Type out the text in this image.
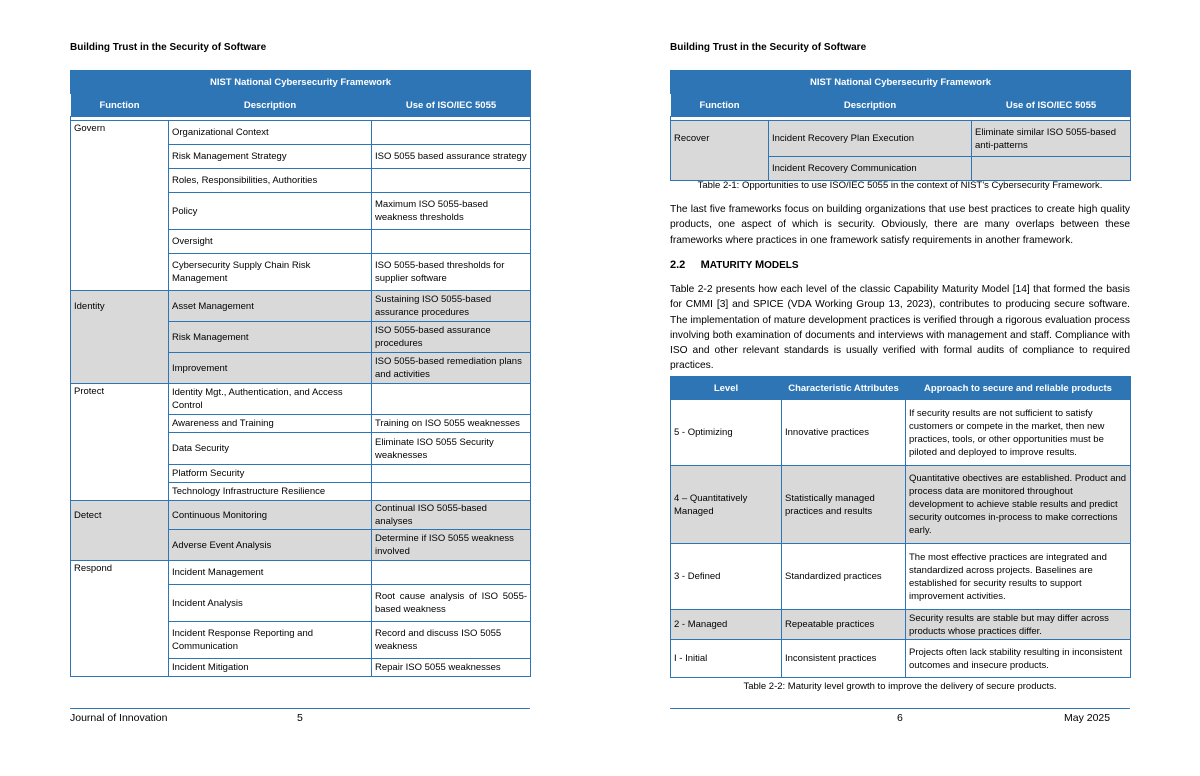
Building Trust in the Security of Software
NIST National Cybersecurity Framework		
Function	Description	Use of ISO/IEC 5055

Govern	Organizational Context	
	Risk Management Strategy	ISO 5055 based assurance strategy
	Roles, Responsibilities, Authorities	
	Policy	Maximum ISO 5055-based weakness thresholds
	Oversight	
	Cybersecurity Supply Chain Risk Management	ISO 5055-based thresholds for supplier software
Identity	Asset Management	Sustaining ISO 5055-based assurance procedures
	Risk Management	ISO 5055-based assurance procedures
	Improvement	ISO 5055-based remediation plans and activities
Protect	Identity Mgt., Authentication, and Access Control	
	Awareness and Training	Training on ISO 5055 weaknesses
	Data Security	Eliminate ISO 5055 Security weaknesses
	Platform Security	
	Technology Infrastructure Resilience	
Detect	Continuous Monitoring	Continual ISO 5055-based analyses
	Adverse Event Analysis	Determine if ISO 5055 weakness involved
Respond	Incident Management	
	Incident Analysis	Root cause analysis of ISO 5055-based weakness
	Incident Response Reporting and Communication	Record and discuss ISO 5055 weakness
	Incident Mitigation	Repair ISO 5055 weaknesses
Journal of Innovation	5
Building Trust in the Security of Software
NIST National Cybersecurity Framework		
Function	Description	Use of ISO/IEC 5055

Recover	Incident Recovery Plan Execution	Eliminate similar ISO 5055-based anti-patterns
	Incident Recovery Communication	
Table 2-1: Opportunities to use ISO/IEC 5055 in the context of NIST’s Cybersecurity Framework.

The last five frameworks focus on building organizations that use best practices to create high quality products, one aspect of which is security. Obviously, there are many overlaps between these frameworks where practices in one framework satisfy requirements in another framework.

2.2 MATURITY MODELS

Table 2-2 presents how each level of the classic Capability Maturity Model [14] that formed the basis for CMMI [3] and SPICE (VDA Working Group 13, 2023), contributes to producing secure software. The implementation of mature development practices is verified through a rigorous evaluation process involving both examination of documents and interviews with management and staff. Compliance with ISO and other relevant standards is usually verified with formal audits of compliance to required practices.

Level	Characteristic Attributes	Approach to secure and reliable products
5 - Optimizing	Innovative practices	If security results are not sufficient to satisfy customers or compete in the market, then new practices, tools, or other opportunities must be piloted and deployed to improve results.
4 – Quantitatively Managed	Statistically managed practices and results	Quantitative obectives are established. Product and process data are monitored throughout development to achieve stable results and predict security outcomes in-process to make corrections early.
3 - Defined	Standardized practices	The most effective practices are integrated and standardized across projects. Baselines are established for security results to support improvement activities.
2 - Managed	Repeatable practices	Security results are stable but may differ across products whose practices differ.
I - Initial	Inconsistent practices	Projects often lack stability resulting in inconsistent outcomes and insecure products.
Table 2-2: Maturity level growth to improve the delivery of secure products.
6	May 2025
